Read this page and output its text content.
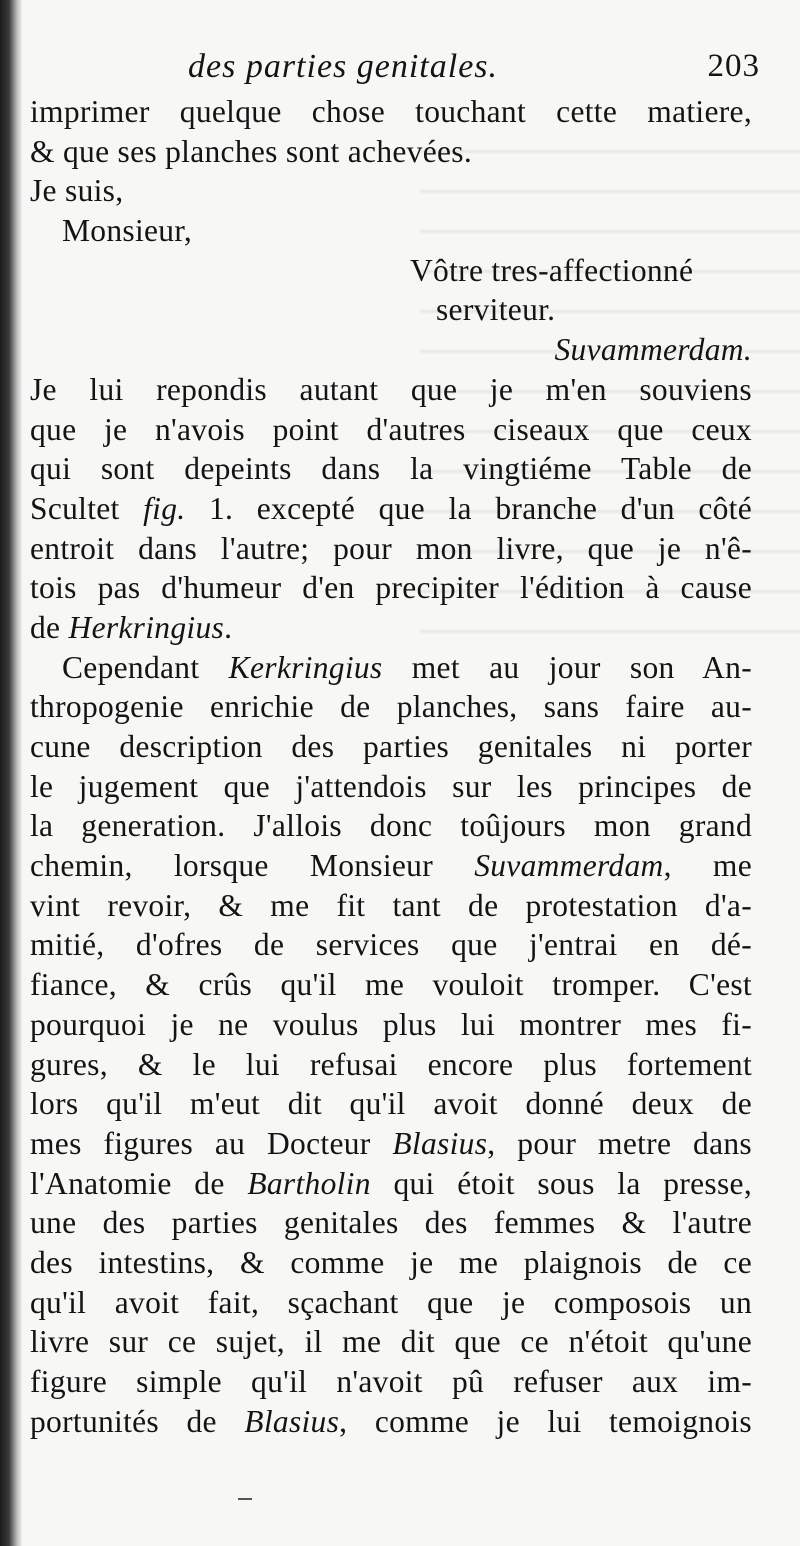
des parties genitales.	203
imprimer quelque chose touchant cette matiere,
& que ses planches sont achevées.
Je suis,
Monsieur,
Vôtre tres-affectionné
serviteur.
Suvammerdam.
Je lui repondis autant que je m'en souviens
que je n'avois point d'autres ciseaux que ceux
qui sont depeints dans la vingtiéme Table de
Scultet fig. 1. excepté que la branche d'un côté
entroit dans l'autre; pour mon livre, que je n'ê-
tois pas d'humeur d'en precipiter l'édition à cause
de Herkringius.
Cependant Kerkringius met au jour son An-
thropogenie enrichie de planches, sans faire au-
cune description des parties genitales ni porter
le jugement que j'attendois sur les principes de
la generation. J'allois donc toûjours mon grand
chemin, lorsque Monsieur Suvammerdam, me
vint revoir, & me fit tant de protestation d'a-
mitié, d'ofres de services que j'entrai en dé-
fiance, & crûs qu'il me vouloit tromper. C'est
pourquoi je ne voulus plus lui montrer mes fi-
gures, & le lui refusai encore plus fortement
lors qu'il m'eut dit qu'il avoit donné deux de
mes figures au Docteur Blasius, pour metre dans
l'Anatomie de Bartholin qui étoit sous la presse,
une des parties genitales des femmes & l'autre
des intestins, & comme je me plaignois de ce
qu'il avoit fait, sçachant que je composois un
livre sur ce sujet, il me dit que ce n'étoit qu'une
figure simple qu'il n'avoit pû refuser aux im-
portunités de Blasius, comme je lui temoignois
